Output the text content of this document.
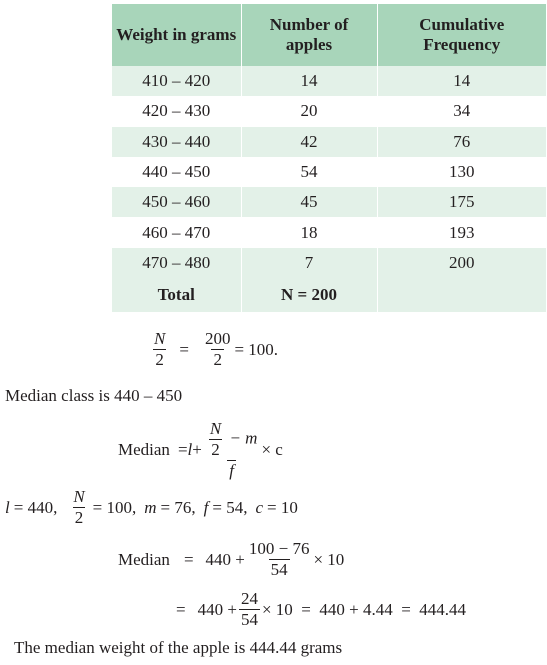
Weight in grams	Number of apples	Cumulative Frequency
410 – 420	14	14
420 – 430	20	34
430 – 440	42	76
440 – 450	54	130
450 – 460	45	175
460 – 470	18	193
470 – 480	7	200
Total	N = 200	
$\frac{N}{2} = \frac{200}{2} = 100$.
Median class is 440 – 450
Median = $l + \frac{\frac{N}{2} - m}{f} \times c$
l = 440, $\frac{N}{2} = 100$, m = 76, f = 54, c = 10
Median = $440 + \frac{100 - 76}{54} \times 10$
= $440 + \frac{24}{54} \times 10 = 440 + 4.44 = 444.44$
The median weight of the apple is 444.44 grams
